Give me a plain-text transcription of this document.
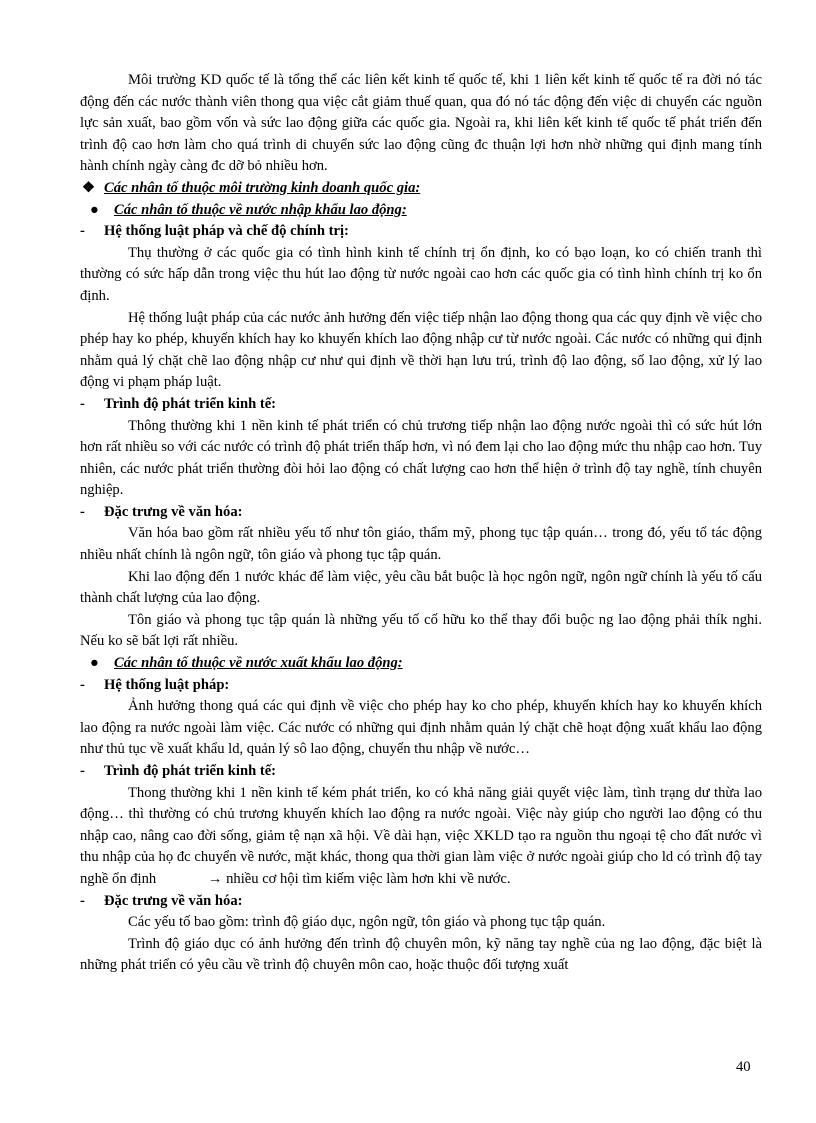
Môi trường KD quốc tế là tổng thể các liên kết kinh tế quốc tế, khi 1 liên kết kinh tế quốc tế ra đời nó tác động đến các nước thành viên thong qua việc cắt giảm thuế quan, qua đó nó tác động đến việc di chuyển các nguồn lực sản xuất, bao gồm vốn và sức lao động giữa các quốc gia. Ngoài ra, khi liên kết kinh tế quốc tế phát triển đến trình độ cao hơn làm cho quá trình di chuyển sức lao động cũng đc thuận lợi hơn nhờ những qui định mang tính hành chính ngày càng đc dỡ bỏ nhiều hơn.

❖ Các nhân tố thuộc môi trường kinh doanh quốc gia:
● Các nhân tố thuộc về nước nhập khẩu lao động:
- Hệ thống luật pháp và chế độ chính trị:

Thụ thường ở các quốc gia có tình hình kinh tế chính trị ổn định, ko có bạo loạn, ko có chiến tranh thì thường có sức hấp dẫn trong việc thu hút lao động từ nước ngoài cao hơn các quốc gia có tình hình chính trị ko ổn định.

Hệ thống luật pháp của các nước ảnh hưởng đến việc tiếp nhận lao động thong qua các quy định về việc cho phép hay ko phép, khuyến khích hay ko khuyến khích lao động nhập cư từ nước ngoài. Các nước có những qui định nhằm quả lý chặt chẽ lao động nhập cư như qui định về thời hạn lưu trú, trình độ lao động, số lao động, xử lý lao động vi phạm pháp luật.

- Trình độ phát triển kinh tế:

Thông thường khi 1 nền kinh tế phát triển có chủ trương tiếp nhận lao động nước ngoài thì có sức hút lớn hơn rất nhiều so với các nước có trình độ phát triển thấp hơn, vì nó đem lại cho lao động mức thu nhập cao hơn. Tuy nhiên, các nước phát triển thường đòi hỏi lao động có chất lượng cao hơn thể hiện ở trình độ tay nghề, tính chuyên nghiệp.

- Đặc trưng về văn hóa:

Văn hóa bao gồm rất nhiều yếu tố như tôn giáo, thẩm mỹ, phong tục tập quán… trong đó, yếu tố tác động nhiều nhất chính là ngôn ngữ, tôn giáo và phong tục tập quán.

Khi lao động đến 1 nước khác để làm việc, yêu cầu bắt buộc là học ngôn ngữ, ngôn ngữ chính là yếu tố cấu thành chất lượng của lao động.

Tôn giáo và phong tục tập quán là những yếu tố cố hữu ko thể thay đổi buộc ng lao động phải thík nghi. Nếu ko sẽ bất lợi rất nhiều.

● Các nhân tố thuộc về nước xuất khẩu lao động:
- Hệ thống luật pháp:

Ảnh hưởng thong quá các qui định về việc cho phép hay ko cho phép, khuyến khích hay ko khuyến khích lao động ra nước ngoài làm việc. Các nước có những qui định nhằm quản lý chặt chẽ hoạt động xuất khẩu lao động như thủ tục về xuất khẩu ld, quản lý sô lao động, chuyển thu nhập về nước…

- Trình độ phát triển kinh tế:

Thong thường khi 1 nền kinh tế kém phát triển, ko có khả năng giải quyết việc làm, tình trạng dư thừa lao động… thì thường có chủ trương khuyến khích lao động ra nước ngoài. Việc này giúp cho người lao động có thu nhập cao, nâng cao đời sống, giảm tệ nạn xã hội. Về dài hạn, việc XKLD tạo ra nguồn thu ngoại tệ cho đất nước vì thu nhập của họ đc chuyển về nước, mặt khác, thong qua thời gian làm việc ở nước ngoài giúp cho ld có trình độ tay nghề ổn định	→ nhiều cơ hội tìm kiếm việc làm hơn khi về nước.

- Đặc trưng về văn hóa:

Các yếu tố bao gồm: trình độ giáo dục, ngôn ngữ, tôn giáo và phong tục tập quán.

Trình độ giáo dục có ảnh hưởng đến trình độ chuyên môn, kỹ năng tay nghề của ng lao động, đặc biệt là những phát triển có yêu cầu về trình độ chuyên môn cao, hoặc thuộc đối tượng xuất

40
